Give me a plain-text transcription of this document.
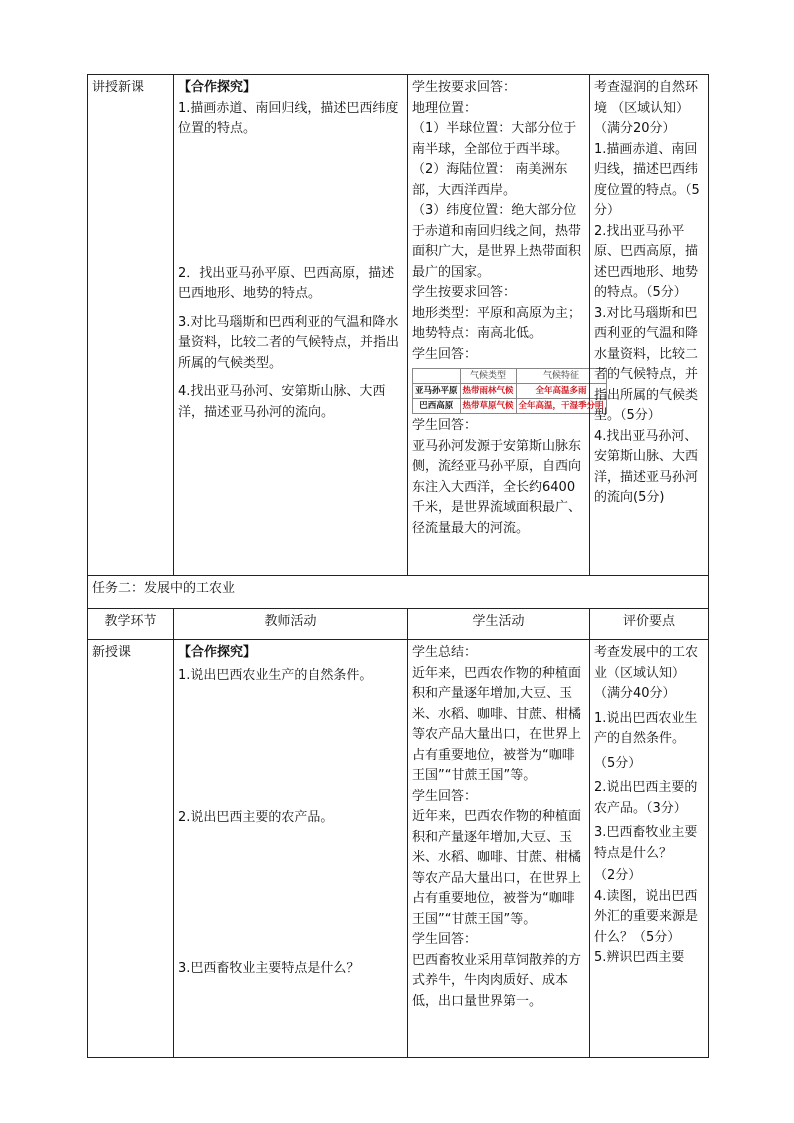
讲授新课	【合作探究】
1.描画赤道、南回归线，描述巴西纬度位置的特点。
2．找出亚马孙平原、巴西高原，描述巴西地形、地势的特点。
3.对比马瑙斯和巴西利亚的气温和降水量资料，比较二者的气候特点，并指出所属的气候类型。
4.找出亚马孙河、安第斯山脉、大西洋，描述亚马孙河的流向。

学生按要求回答：
地理位置：
（1）半球位置：大部分位于南半球，全部位于西半球。
（2）海陆位置： 南美洲东部，大西洋西岸。
（3）纬度位置：绝大部分位于赤道和南回归线之间，热带面积广大，是世界上热带面积最广的国家。
学生按要求回答：
地形类型：平原和高原为主；
地势特点：南高北低。
学生回答：
	气候类型	气候特征
亚马孙平原	热带雨林气候	全年高温多雨
巴西高原	热带草原气候	全年高温，干湿季分明
学生回答：
亚马孙河发源于安第斯山脉东侧，流经亚马孙平原，自西向东注入大西洋，全长约6400千米，是世界流域面积最广、径流量最大的河流。

考查湿润的自然环境 （区域认知）（满分20分）
1.描画赤道、南回归线，描述巴西纬度位置的特点。（5分）
2.找出亚马孙平原、巴西高原，描述巴西地形、地势的特点。（5分）
3.对比马瑙斯和巴西利亚的气温和降水量资料，比较二者的气候特点，并指出所属的气候类型。（5分）
4.找出亚马孙河、安第斯山脉、大西洋，描述亚马孙河的流向(5分)

任务二：发展中的工农业
教学环节	教师活动	学生活动	评价要点
新授课	【合作探究】
1.说出巴西农业生产的自然条件。
2.说出巴西主要的农产品。
3.巴西畜牧业主要特点是什么？

学生总结：
近年来，巴西农作物的种植面积和产量逐年增加,大豆、玉米、水稻、咖啡、甘蔗、柑橘等农产品大量出口，在世界上占有重要地位，被誉为“咖啡王国”“甘蔗王国”等。
学生回答：
近年来，巴西农作物的种植面积和产量逐年增加,大豆、玉米、水稻、咖啡、甘蔗、柑橘等农产品大量出口，在世界上占有重要地位，被誉为“咖啡王国”“甘蔗王国”等。
学生回答：
巴西畜牧业采用草饲散养的方式养牛，牛肉肉质好、成本低，出口量世界第一。

考查发展中的工农业（区域认知）（满分40分）
1.说出巴西农业生产的自然条件。
（5分）
2.说出巴西主要的农产品。（3分）
3.巴西畜牧业主要特点是什么？
（2分）
4.读图，说出巴西外汇的重要来源是什么？（5分）
5.辨识巴西主要
